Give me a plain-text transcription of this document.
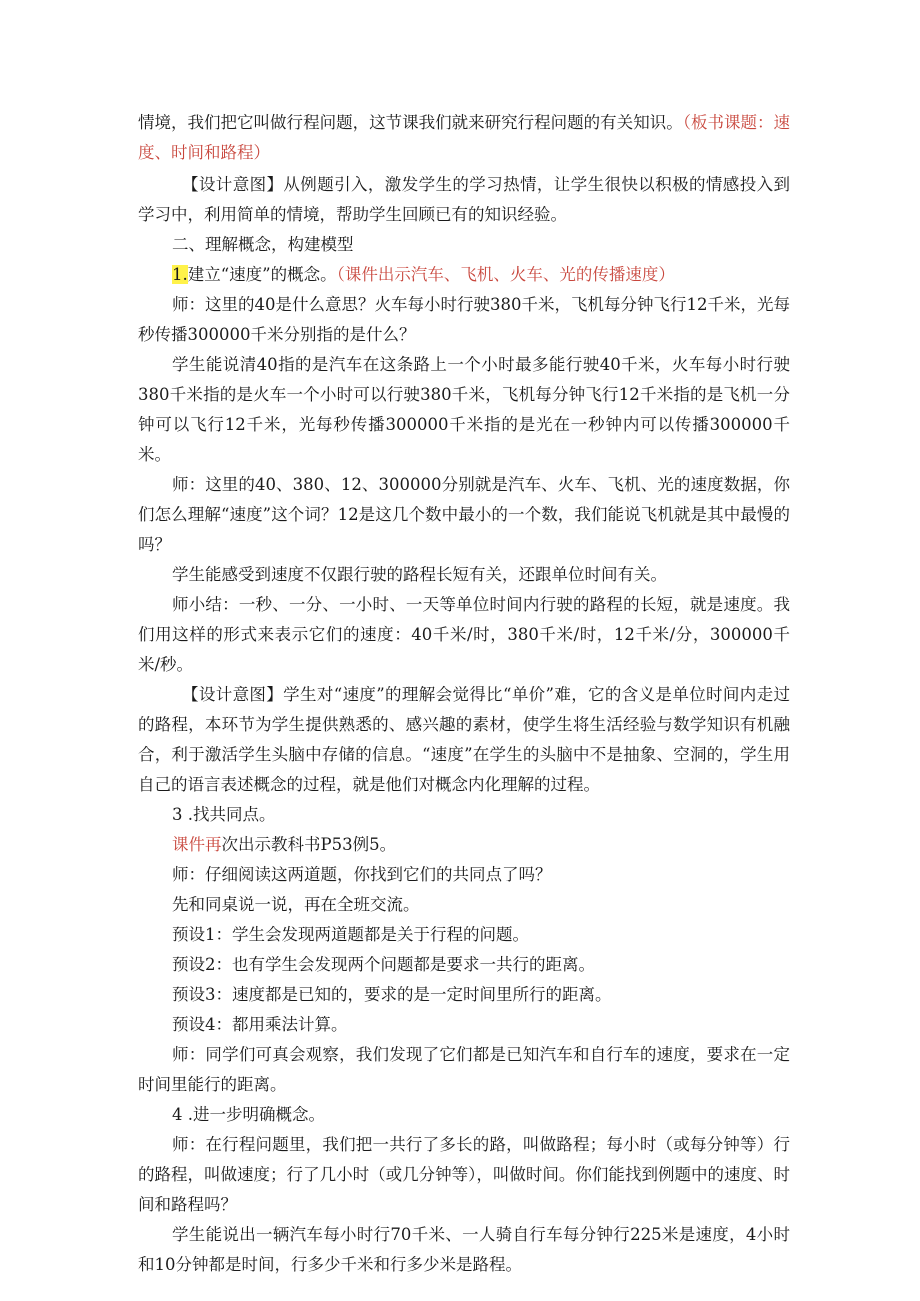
情境，我们把它叫做行程问题，这节课我们就来研究行程问题的有关知识。（板书课题：速度、时间和路程）

【设计意图】从例题引入，激发学生的学习热情，让学生很快以积极的情感投入到学习中，利用简单的情境，帮助学生回顾已有的知识经验。

二、理解概念，构建模型

1.建立“速度”的概念。（课件出示汽车、飞机、火车、光的传播速度）

师：这里的40是什么意思？火车每小时行驶380千米，飞机每分钟飞行12千米，光每秒传播300000千米分别指的是什么？

学生能说清40指的是汽车在这条路上一个小时最多能行驶40千米，火车每小时行驶380千米指的是火车一个小时可以行驶380千米，飞机每分钟飞行12千米指的是飞机一分钟可以飞行12千米，光每秒传播300000千米指的是光在一秒钟内可以传播300000千米。

师：这里的40、380、12、300000分别就是汽车、火车、飞机、光的速度数据，你们怎么理解“速度”这个词？12是这几个数中最小的一个数，我们能说飞机就是其中最慢的吗？

学生能感受到速度不仅跟行驶的路程长短有关，还跟单位时间有关。

师小结：一秒、一分、一小时、一天等单位时间内行驶的路程的长短，就是速度。我们用这样的形式来表示它们的速度：40千米/时，380千米/时，12千米/分，300000千米/秒。

【设计意图】学生对“速度”的理解会觉得比“单价”难，它的含义是单位时间内走过的路程，本环节为学生提供熟悉的、感兴趣的素材，使学生将生活经验与数学知识有机融合，利于激活学生头脑中存储的信息。“速度”在学生的头脑中不是抽象、空洞的，学生用自己的语言表述概念的过程，就是他们对概念内化理解的过程。

3 .找共同点。

课件再次出示教科书P53例5。

师：仔细阅读这两道题，你找到它们的共同点了吗？

先和同桌说一说，再在全班交流。

预设1：学生会发现两道题都是关于行程的问题。

预设2：也有学生会发现两个问题都是要求一共行的距离。

预设3：速度都是已知的，要求的是一定时间里所行的距离。

预设4：都用乘法计算。

师：同学们可真会观察，我们发现了它们都是已知汽车和自行车的速度，要求在一定时间里能行的距离。

4 .进一步明确概念。

师：在行程问题里，我们把一共行了多长的路，叫做路程；每小时（或每分钟等）行的路程，叫做速度；行了几小时（或几分钟等），叫做时间。你们能找到例题中的速度、时间和路程吗？

学生能说出一辆汽车每小时行70千米、一人骑自行车每分钟行225米是速度，4小时和10分钟都是时间，行多少千米和行多少米是路程。
